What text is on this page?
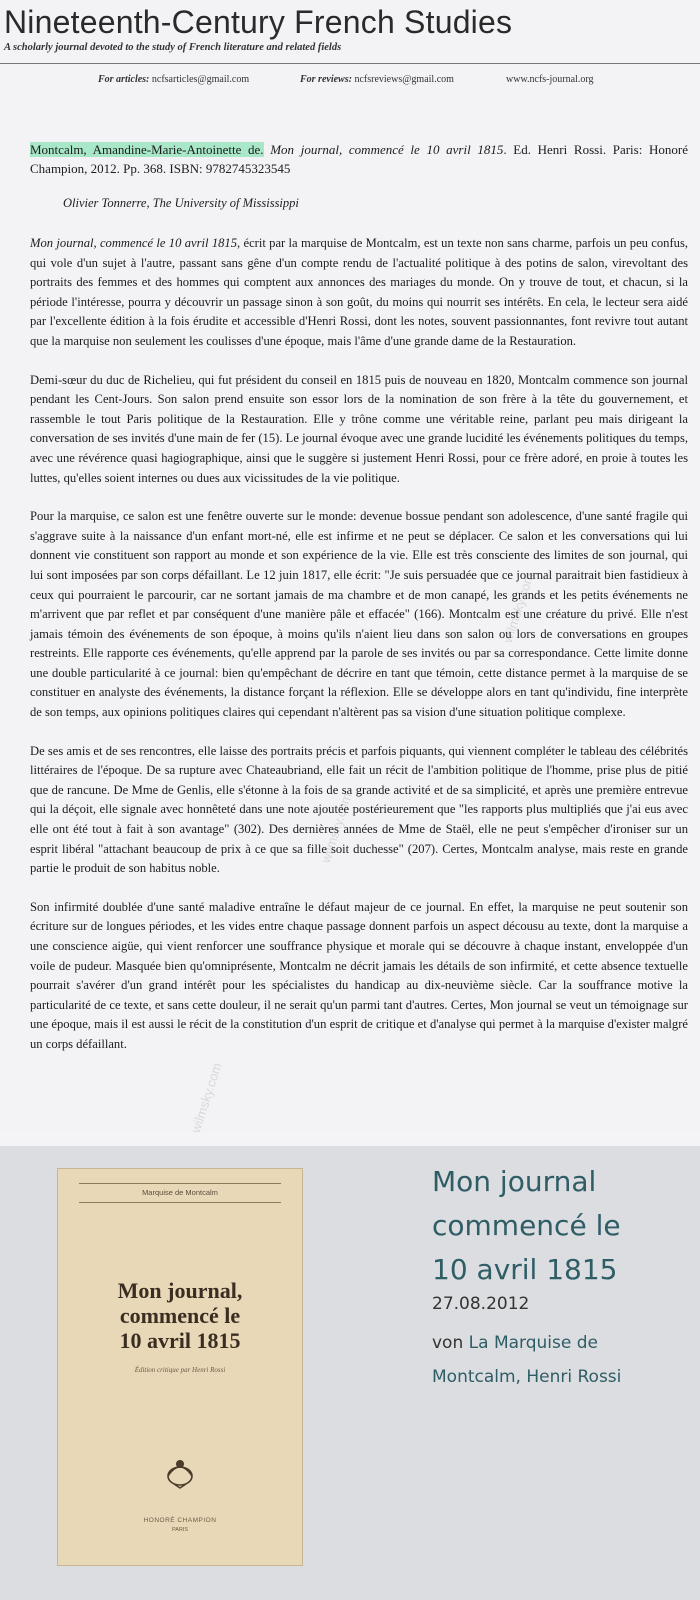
Nineteenth-Century French Studies
A scholarly journal devoted to the study of French literature and related fields
For articles: ncfsarticles@gmail.com	For reviews: ncfsreviews@gmail.com	www.ncfs-journal.org
Montcalm, Amandine-Marie-Antoinette de. Mon journal, commencé le 10 avril 1815. Ed. Henri Rossi. Paris: Honoré Champion, 2012. Pp. 368. ISBN: 9782745323545
Olivier Tonnerre, The University of Mississippi

Mon journal, commencé le 10 avril 1815, écrit par la marquise de Montcalm, est un texte non sans charme, parfois un peu confus, qui vole d'un sujet à l'autre, passant sans gêne d'un compte rendu de l'actualité politique à des potins de salon, virevoltant des portraits des femmes et des hommes qui comptent aux annonces des mariages du monde. On y trouve de tout, et chacun, si la période l'intéresse, pourra y découvrir un passage sinon à son goût, du moins qui nourrit ses intérêts. En cela, le lecteur sera aidé par l'excellente édition à la fois érudite et accessible d'Henri Rossi, dont les notes, souvent passionnantes, font revivre tout autant que la marquise non seulement les coulisses d'une époque, mais l'âme d'une grande dame de la Restauration.

Demi-sœur du duc de Richelieu, qui fut président du conseil en 1815 puis de nouveau en 1820, Montcalm commence son journal pendant les Cent-Jours. Son salon prend ensuite son essor lors de la nomination de son frère à la tête du gouvernement, et rassemble le tout Paris politique de la Restauration. Elle y trône comme une véritable reine, parlant peu mais dirigeant la conversation de ses invités d'une main de fer (15). Le journal évoque avec une grande lucidité les événements politiques du temps, avec une révérence quasi hagiographique, ainsi que le suggère si justement Henri Rossi, pour ce frère adoré, en proie à toutes les luttes, qu'elles soient internes ou dues aux vicissitudes de la vie politique.

Pour la marquise, ce salon est une fenêtre ouverte sur le monde: devenue bossue pendant son adolescence, d'une santé fragile qui s'aggrave suite à la naissance d'un enfant mort-né, elle est infirme et ne peut se déplacer. Ce salon et les conversations qui lui donnent vie constituent son rapport au monde et son expérience de la vie. Elle est très consciente des limites de son journal, qui lui sont imposées par son corps défaillant. Le 12 juin 1817, elle écrit: "Je suis persuadée que ce journal paraitrait bien fastidieux à ceux qui pourraient le parcourir, car ne sortant jamais de ma chambre et de mon canapé, les grands et les petits événements ne m'arrivent que par reflet et par conséquent d'une manière pâle et effacée" (166). Montcalm est une créature du privé. Elle n'est jamais témoin des événements de son époque, à moins qu'ils n'aient lieu dans son salon ou lors de conversations en groupes restreints. Elle rapporte ces événements, qu'elle apprend par la parole de ses invités ou par sa correspondance. Cette limite donne une double particularité à ce journal: bien qu'empêchant de décrire en tant que témoin, cette distance permet à la marquise de se constituer en analyste des événements, la distance forçant la réflexion. Elle se développe alors en tant qu'individu, fine interprète de son temps, aux opinions politiques claires qui cependant n'altèrent pas sa vision d'une situation politique complexe.

De ses amis et de ses rencontres, elle laisse des portraits précis et parfois piquants, qui viennent compléter le tableau des célébrités littéraires de l'époque. De sa rupture avec Chateaubriand, elle fait un récit de l'ambition politique de l'homme, prise plus de pitié que de rancune. De Mme de Genlis, elle s'étonne à la fois de sa grande activité et de sa simplicité, et après une première entrevue qui la déçoit, elle signale avec honnêteté dans une note ajoutée postérieurement que "les rapports plus multipliés que j'ai eus avec elle ont été tout à fait à son avantage" (302). Des dernières années de Mme de Staël, elle ne peut s'empêcher d'ironiser sur un esprit libéral "attachant beaucoup de prix à ce que sa fille soit duchesse" (207). Certes, Montcalm analyse, mais reste en grande partie le produit de son habitus noble.

Son infirmité doublée d'une santé maladive entraîne le défaut majeur de ce journal. En effet, la marquise ne peut soutenir son écriture sur de longues périodes, et les vides entre chaque passage donnent parfois un aspect décousu au texte, dont la marquise a une conscience aigüe, qui vient renforcer une souffrance physique et morale qui se découvre à chaque instant, enveloppée d'un voile de pudeur. Masquée bien qu'omniprésente, Montcalm ne décrit jamais les détails de son infirmité, et cette absence textuelle pourrait s'avérer d'un grand intérêt pour les spécialistes du handicap au dix-neuvième siècle. Car la souffrance motive la particularité de ce texte, et sans cette douleur, il ne serait qu'un parmi tant d'autres. Certes, Mon journal se veut un témoignage sur une époque, mais il est aussi le récit de la constitution d'un esprit de critique et d'analyse qui permet à la marquise d'exister malgré un corps défaillant.

wilmsky.com
wilmsky.com
wilmsky.com
Marquise de Montcalm
Mon journal,
commencé le
10 avril 1815
Édition critique par Henri Rossi
HONORÉ CHAMPION
PARIS
Mon journal
commencé le
10 avril 1815
27.08.2012
von La Marquise de Montcalm, Henri Rossi
